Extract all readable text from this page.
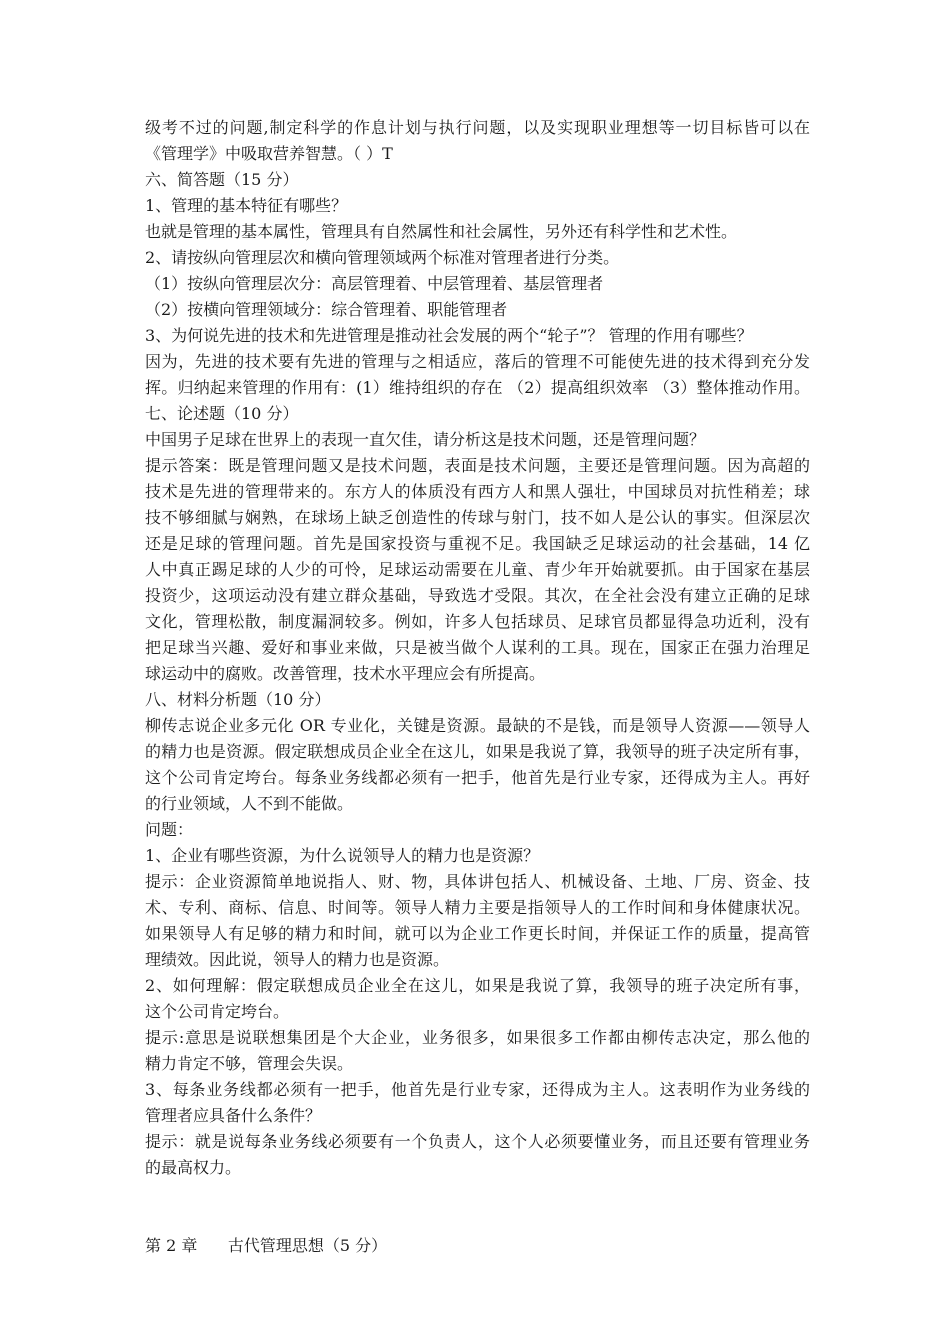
级考不过的问题,制定科学的作息计划与执行问题，以及实现职业理想等一切目标皆可以在
《管理学》中吸取营养智慧。（ ）T
六、简答题（15 分）
1、管理的基本特征有哪些？
也就是管理的基本属性，管理具有自然属性和社会属性，另外还有科学性和艺术性。
2、请按纵向管理层次和横向管理领域两个标准对管理者进行分类。
（1）按纵向管理层次分：高层管理着、中层管理着、基层管理者
（2）按横向管理领域分：综合管理着、职能管理者
3、为何说先进的技术和先进管理是推动社会发展的两个“轮子”？ 管理的作用有哪些？
因为，先进的技术要有先进的管理与之相适应，落后的管理不可能使先进的技术得到充分发
挥。归纳起来管理的作用有：(1）维持组织的存在 （2）提高组织效率 （3）整体推动作用。
七、论述题（10 分）
中国男子足球在世界上的表现一直欠佳，请分析这是技术问题，还是管理问题？
提示答案：既是管理问题又是技术问题，表面是技术问题，主要还是管理问题。因为高超的
技术是先进的管理带来的。东方人的体质没有西方人和黑人强壮，中国球员对抗性稍差；球
技不够细腻与娴熟，在球场上缺乏创造性的传球与射门，技不如人是公认的事实。但深层次
还是足球的管理问题。首先是国家投资与重视不足。我国缺乏足球运动的社会基础，14 亿
人中真正踢足球的人少的可怜，足球运动需要在儿童、青少年开始就要抓。由于国家在基层
投资少，这项运动没有建立群众基础，导致选才受限。其次，在全社会没有建立正确的足球
文化，管理松散，制度漏洞较多。例如，许多人包括球员、足球官员都显得急功近利，没有
把足球当兴趣、爱好和事业来做，只是被当做个人谋利的工具。现在，国家正在强力治理足
球运动中的腐败。改善管理，技术水平理应会有所提高。
八、材料分析题（10 分）
柳传志说企业多元化 OR 专业化，关键是资源。最缺的不是钱，而是领导人资源——领导人
的精力也是资源。假定联想成员企业全在这儿，如果是我说了算，我领导的班子决定所有事，
这个公司肯定垮台。每条业务线都必须有一把手，他首先是行业专家，还得成为主人。再好
的行业领域，人不到不能做。
问题：
1、企业有哪些资源，为什么说领导人的精力也是资源？
提示：企业资源简单地说指人、财、物，具体讲包括人、机械设备、土地、厂房、资金、技
术、专利、商标、信息、时间等。领导人精力主要是指领导人的工作时间和身体健康状况。
如果领导人有足够的精力和时间，就可以为企业工作更长时间，并保证工作的质量，提高管
理绩效。因此说，领导人的精力也是资源。
2、如何理解：假定联想成员企业全在这儿，如果是我说了算，我领导的班子决定所有事，
这个公司肯定垮台。
提示:意思是说联想集团是个大企业，业务很多，如果很多工作都由柳传志决定，那么他的
精力肯定不够，管理会失误。
3、每条业务线都必须有一把手，他首先是行业专家，还得成为主人。这表明作为业务线的
管理者应具备什么条件？
提示：就是说每条业务线必须要有一个负责人，这个人必须要懂业务，而且还要有管理业务
的最高权力。
第 2 章      古代管理思想（5 分）
